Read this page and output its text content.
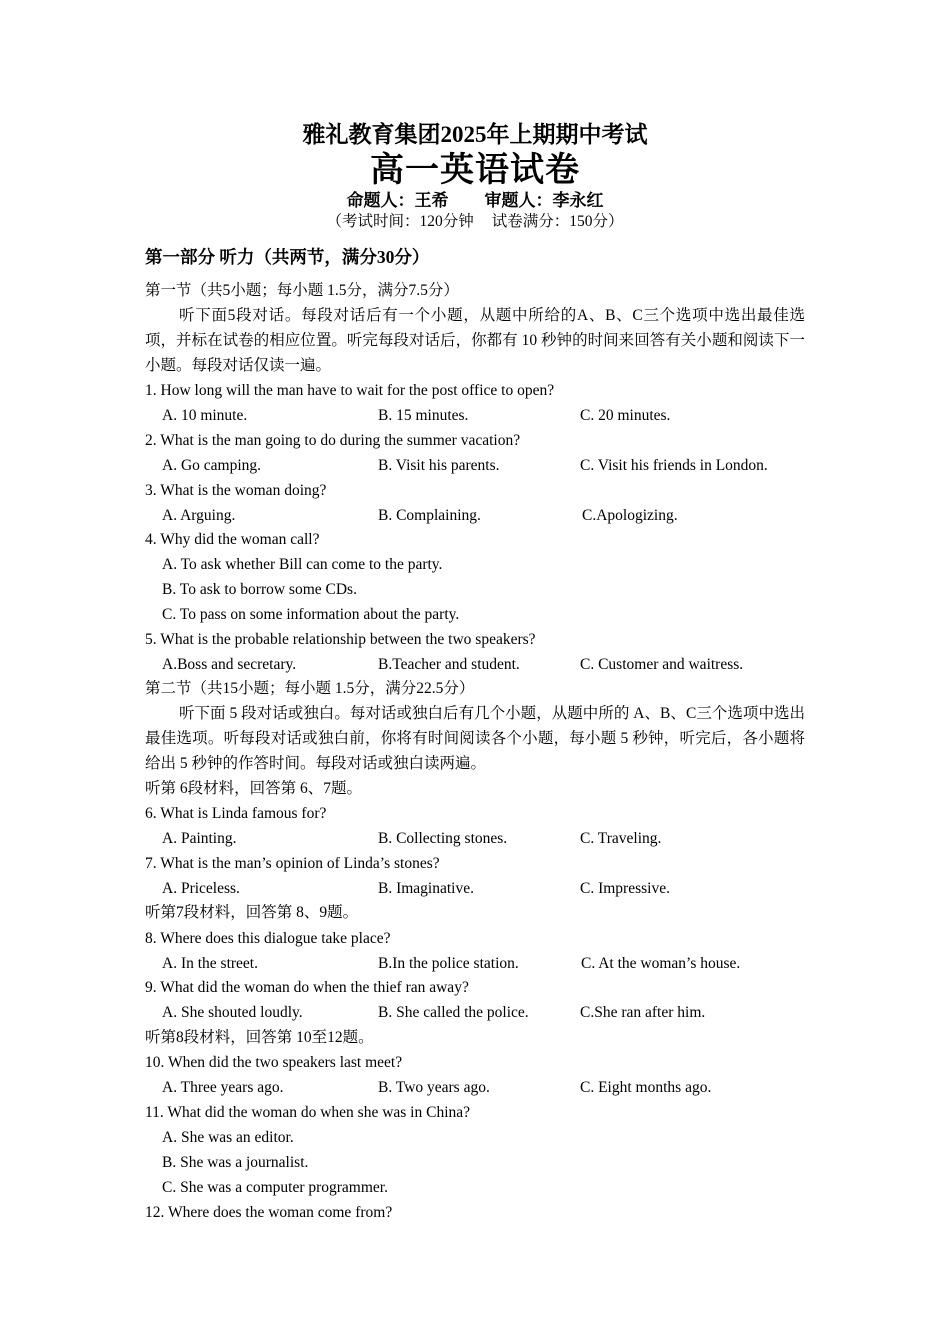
雅礼教育集团2025年上期期中考试
高一英语试卷
命题人：王希 审题人：李永红
（考试时间：120分钟 试卷满分：150分）
第一部分 听力（共两节，满分30分）
第一节（共5小题；每小题 1.5分，满分7.5分）
听下面5段对话。每段对话后有一个小题，从题中所给的A、B、C三个选项中选出最佳选项，并标在试卷的相应位置。听完每段对话后，你都有 10 秒钟的时间来回答有关小题和阅读下一小题。每段对话仅读一遍。
1. How long will the man have to wait for the post office to open?
A. 10 minute.	B. 15 minutes.	C. 20 minutes.
2. What is the man going to do during the summer vacation?
A. Go camping.	B. Visit his parents.	C. Visit his friends in London.
3. What is the woman doing?
A. Arguing.	B. Complaining.	C.Apologizing.
4. Why did the woman call?
A. To ask whether Bill can come to the party.
B. To ask to borrow some CDs.
C. To pass on some information about the party.
5. What is the probable relationship between the two speakers?
A.Boss and secretary.	B.Teacher and student.	C. Customer and waitress.
第二节（共15小题；每小题 1.5分，满分22.5分）
听下面 5 段对话或独白。每对话或独白后有几个小题，从题中所的 A、B、C三个选项中选出最佳选项。听每段对话或独白前，你将有时间阅读各个小题，每小题 5 秒钟，听完后，各小题将给出 5 秒钟的作答时间。每段对话或独白读两遍。
听第 6段材料，回答第 6、7题。
6. What is Linda famous for?
A. Painting.	B. Collecting stones.	C. Traveling.
7. What is the man’s opinion of Linda’s stones?
A. Priceless.	B. Imaginative.	C. Impressive.
听第7段材料，回答第 8、9题。
8. Where does this dialogue take place?
A. In the street.	B.In the police station.	C. At the woman’s house.
9. What did the woman do when the thief ran away?
A. She shouted loudly.	B. She called the police.	C.She ran after him.
听第8段材料，回答第 10至12题。
10. When did the two speakers last meet?
A. Three years ago.	B. Two years ago.	C. Eight months ago.
11. What did the woman do when she was in China?
A. She was an editor.
B. She was a journalist.
C. She was a computer programmer.
12. Where does the woman come from?
